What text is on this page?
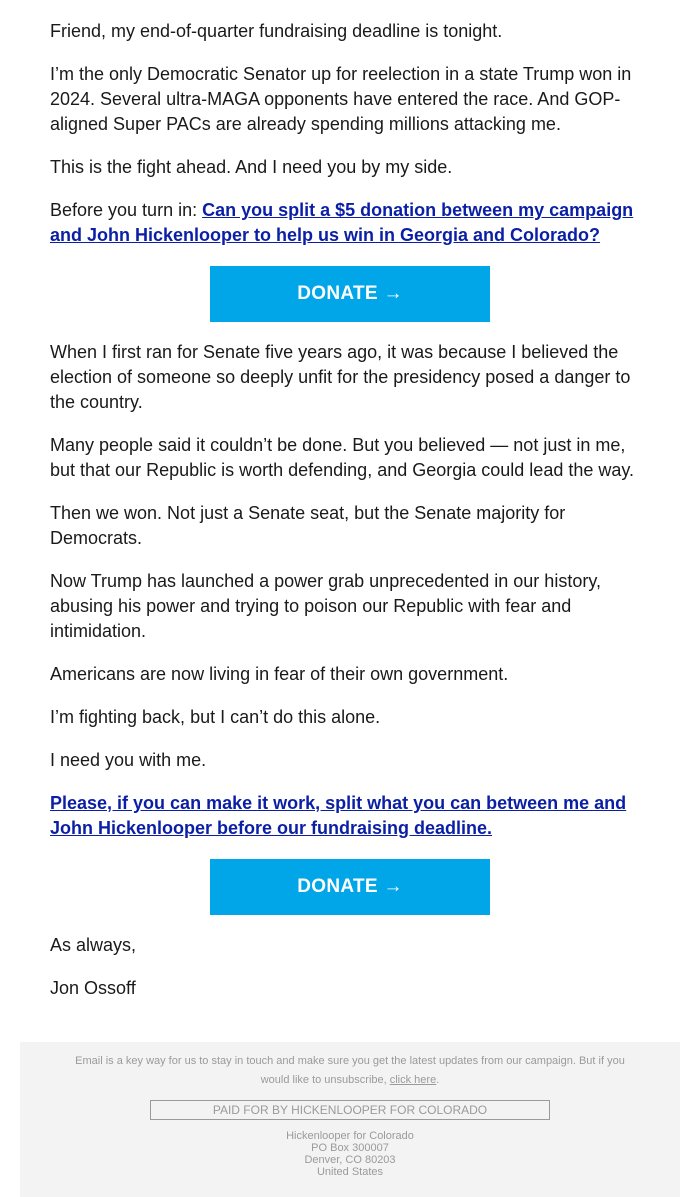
Friend, my end-of-quarter fundraising deadline is tonight.

I’m the only Democratic Senator up for reelection in a state Trump won in 2024. Several ultra-MAGA opponents have entered the race. And GOP-aligned Super PACs are already spending millions attacking me.

This is the fight ahead. And I need you by my side.

Before you turn in: Can you split a $5 donation between my campaign and John Hickenlooper to help us win in Georgia and Colorado?

DONATE →

When I first ran for Senate five years ago, it was because I believed the election of someone so deeply unfit for the presidency posed a danger to the country.

Many people said it couldn’t be done. But you believed — not just in me, but that our Republic is worth defending, and Georgia could lead the way.

Then we won. Not just a Senate seat, but the Senate majority for Democrats.

Now Trump has launched a power grab unprecedented in our history, abusing his power and trying to poison our Republic with fear and intimidation.

Americans are now living in fear of their own government.

I’m fighting back, but I can’t do this alone.

I need you with me.

Please, if you can make it work, split what you can between me and John Hickenlooper before our fundraising deadline.

DONATE →

As always,

Jon Ossoff

Email is a key way for us to stay in touch and make sure you get the latest updates from our campaign. But if you would like to unsubscribe, click here.
PAID FOR BY HICKENLOOPER FOR COLORADO
Hickenlooper for Colorado
PO Box 300007
Denver, CO 80203
United States
